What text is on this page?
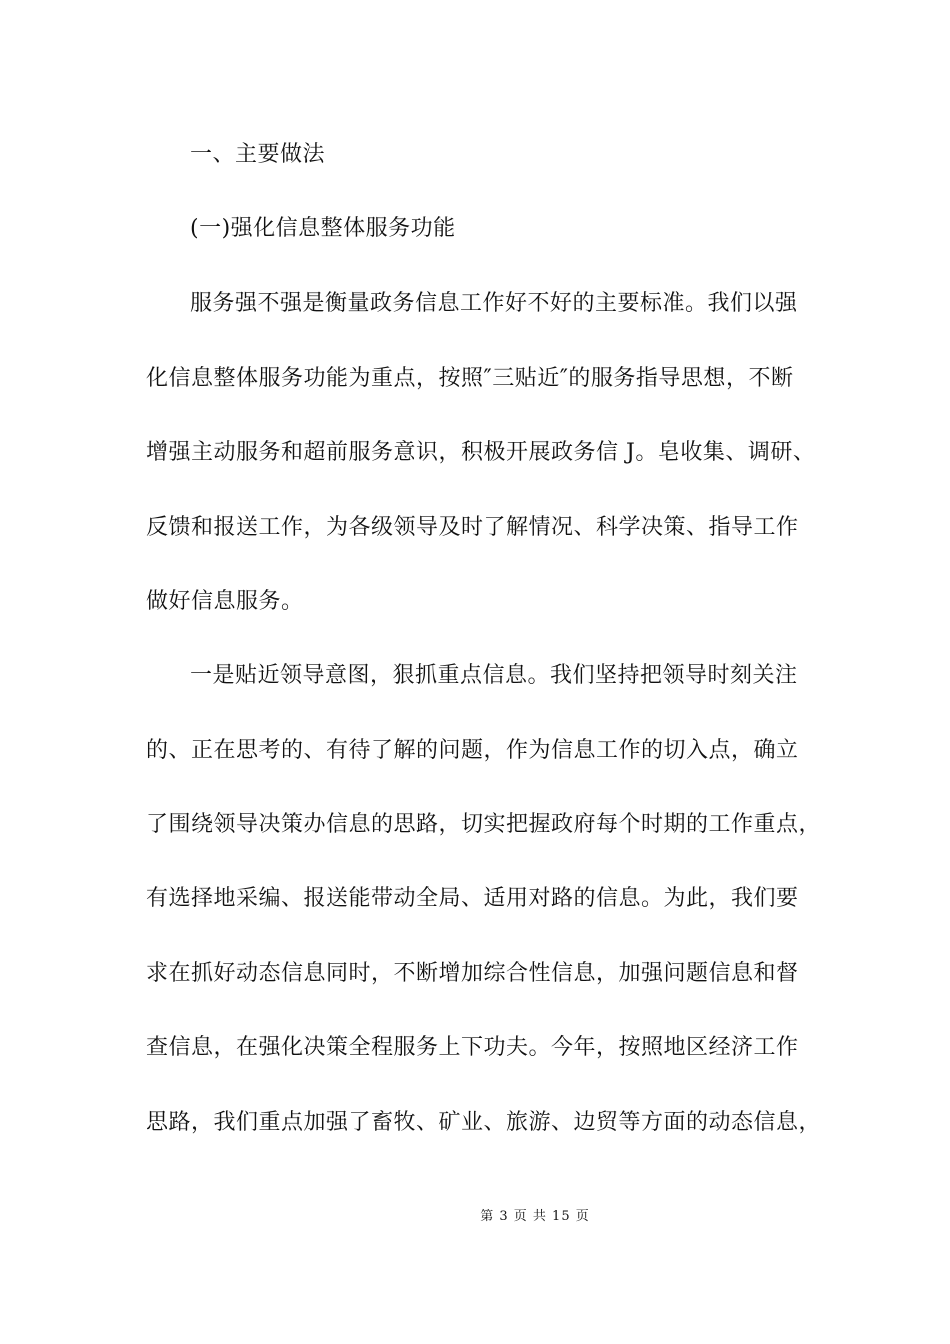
一、主要做法
(一)强化信息整体服务功能
服务强不强是衡量政务信息工作好不好的主要标准。我们以强
化信息整体服务功能为重点，按照″三贴近″的服务指导思想，不断
增强主动服务和超前服务意识，积极开展政务信 J。皂收集、调研、
反馈和报送工作，为各级领导及时了解情况、科学决策、指导工作
做好信息服务。
一是贴近领导意图，狠抓重点信息。我们坚持把领导时刻关注
的、正在思考的、有待了解的问题，作为信息工作的切入点，确立
了围绕领导决策办信息的思路，切实把握政府每个时期的工作重点，
有选择地采编、报送能带动全局、适用对路的信息。为此，我们要
求在抓好动态信息同时，不断增加综合性信息，加强问题信息和督
查信息，在强化决策全程服务上下功夫。今年，按照地区经济工作
思路，我们重点加强了畜牧、矿业、旅游、边贸等方面的动态信息，
第 3 页 共 15 页
